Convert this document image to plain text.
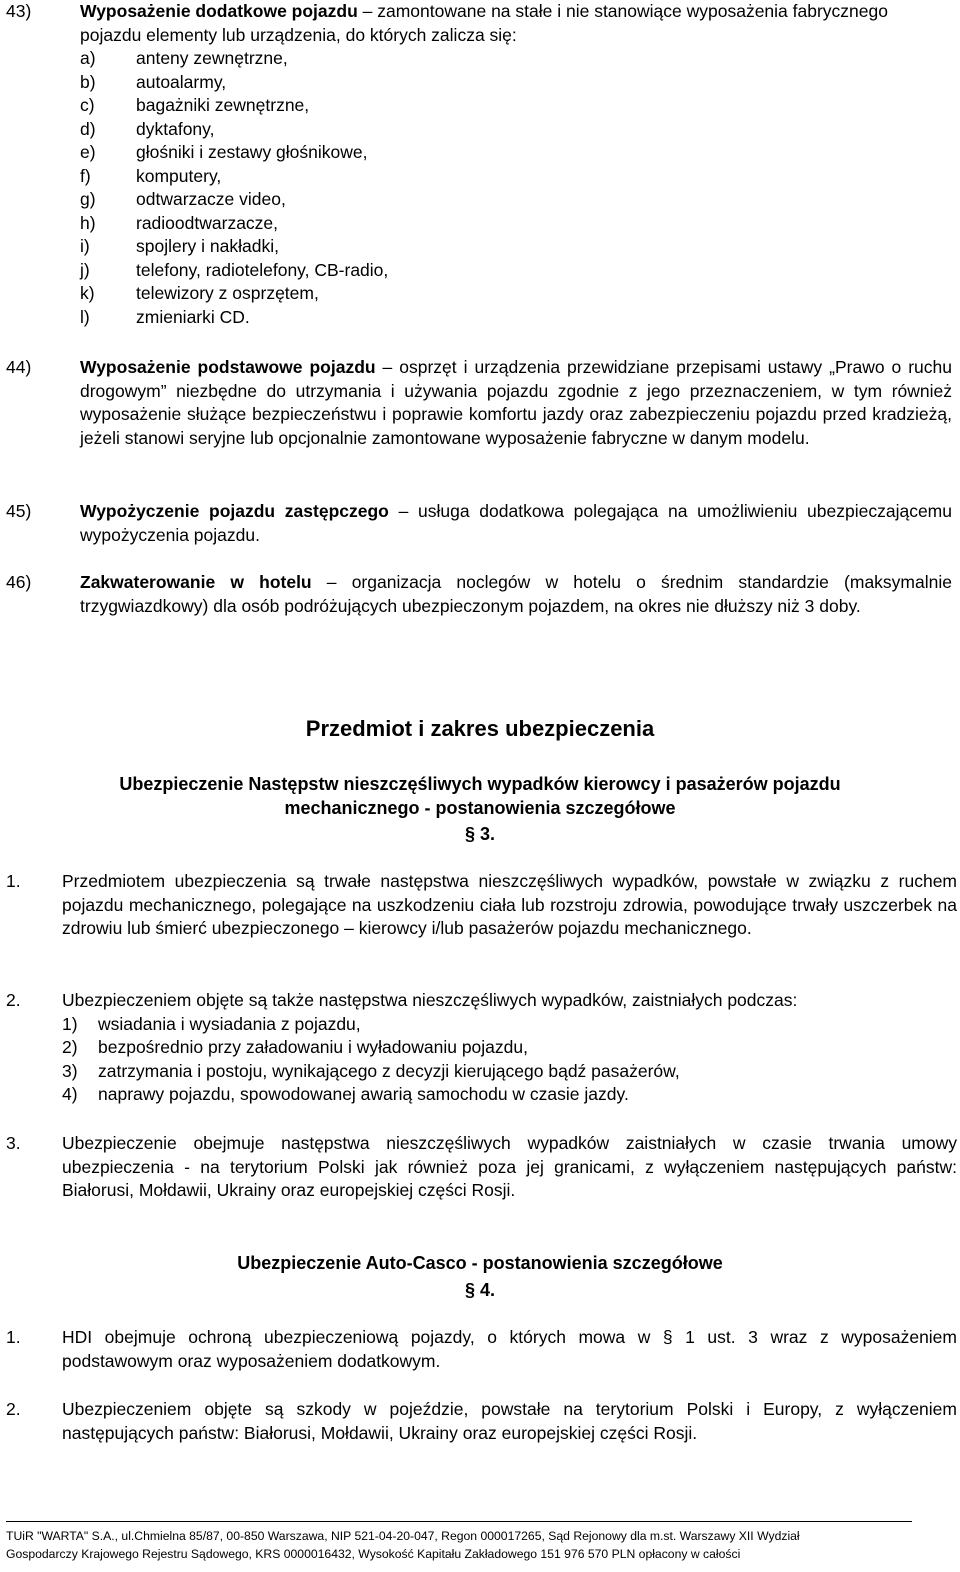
43)	Wyposażenie dodatkowe pojazdu – zamontowane na stałe i nie stanowiące wyposażenia fabrycznego pojazdu elementy lub urządzenia, do których zalicza się:
a) anteny zewnętrzne,
b) autoalarmy,
c) bagażniki zewnętrzne,
d) dyktafony,
e) głośniki i zestawy głośnikowe,
f)	komputery,
g) odtwarzacze video,
h) radioodtwarzacze,
i)	spojlery i nakładki,
j)	telefony, radiotelefony, CB-radio,
k) telewizory z osprzętem,
l)	zmieniarki CD.
44)	Wyposażenie podstawowe pojazdu – osprzęt i urządzenia przewidziane przepisami ustawy „Prawo o ruchu drogowym” niezbędne do utrzymania i używania pojazdu zgodnie z jego przeznaczeniem, w tym również wyposażenie służące bezpieczeństwu i poprawie komfortu jazdy oraz zabezpieczeniu pojazdu przed kradzieżą, jeżeli stanowi seryjne lub opcjonalnie zamontowane wyposażenie fabryczne w danym modelu.
45)	Wypożyczenie pojazdu zastępczego – usługa dodatkowa polegająca na umożliwieniu ubezpieczającemu wypożyczenia pojazdu.
46)	Zakwaterowanie w hotelu – organizacja noclegów w hotelu o średnim standardzie (maksymalnie trzygwiazdkowy) dla osób podróżujących ubezpieczonym pojazdem, na okres nie dłuższy niż 3 doby.
Przedmiot i zakres ubezpieczenia
Ubezpieczenie Następstw nieszczęśliwych wypadków kierowcy i pasażerów pojazdu
mechanicznego - postanowienia szczegółowe
§ 3.
1. Przedmiotem ubezpieczenia są trwałe następstwa nieszczęśliwych wypadków, powstałe w związku z ruchem pojazdu mechanicznego, polegające na uszkodzeniu ciała lub rozstroju zdrowia, powodujące trwały uszczerbek na zdrowiu lub śmierć ubezpieczonego – kierowcy i/lub pasażerów pojazdu mechanicznego.
2. Ubezpieczeniem objęte są także następstwa nieszczęśliwych wypadków, zaistniałych podczas:
1) wsiadania i wysiadania z pojazdu,
2) bezpośrednio przy załadowaniu i wyładowaniu pojazdu,
3) zatrzymania i postoju, wynikającego z decyzji kierującego bądź pasażerów,
4) naprawy pojazdu, spowodowanej awarią samochodu w czasie jazdy.
3. Ubezpieczenie obejmuje następstwa nieszczęśliwych wypadków zaistniałych w czasie trwania umowy ubezpieczenia - na terytorium Polski jak również poza jej granicami, z wyłączeniem następujących państw: Białorusi, Mołdawii, Ukrainy oraz europejskiej części Rosji.
Ubezpieczenie Auto-Casco - postanowienia szczegółowe
§ 4.
1. HDI obejmuje ochroną ubezpieczeniową pojazdy, o których mowa w § 1 ust. 3 wraz z wyposażeniem podstawowym oraz wyposażeniem dodatkowym.
2. Ubezpieczeniem objęte są szkody w pojeździe, powstałe na terytorium Polski i Europy, z wyłączeniem następujących państw: Białorusi, Mołdawii, Ukrainy oraz europejskiej części Rosji.
TUiR "WARTA" S.A., ul.Chmielna 85/87, 00-850 Warszawa, NIP 521-04-20-047, Regon 000017265, Sąd Rejonowy dla m.st. Warszawy XII Wydział
Gospodarczy Krajowego Rejestru Sądowego, KRS 0000016432, Wysokość Kapitału Zakładowego 151 976 570 PLN opłacony w całości
